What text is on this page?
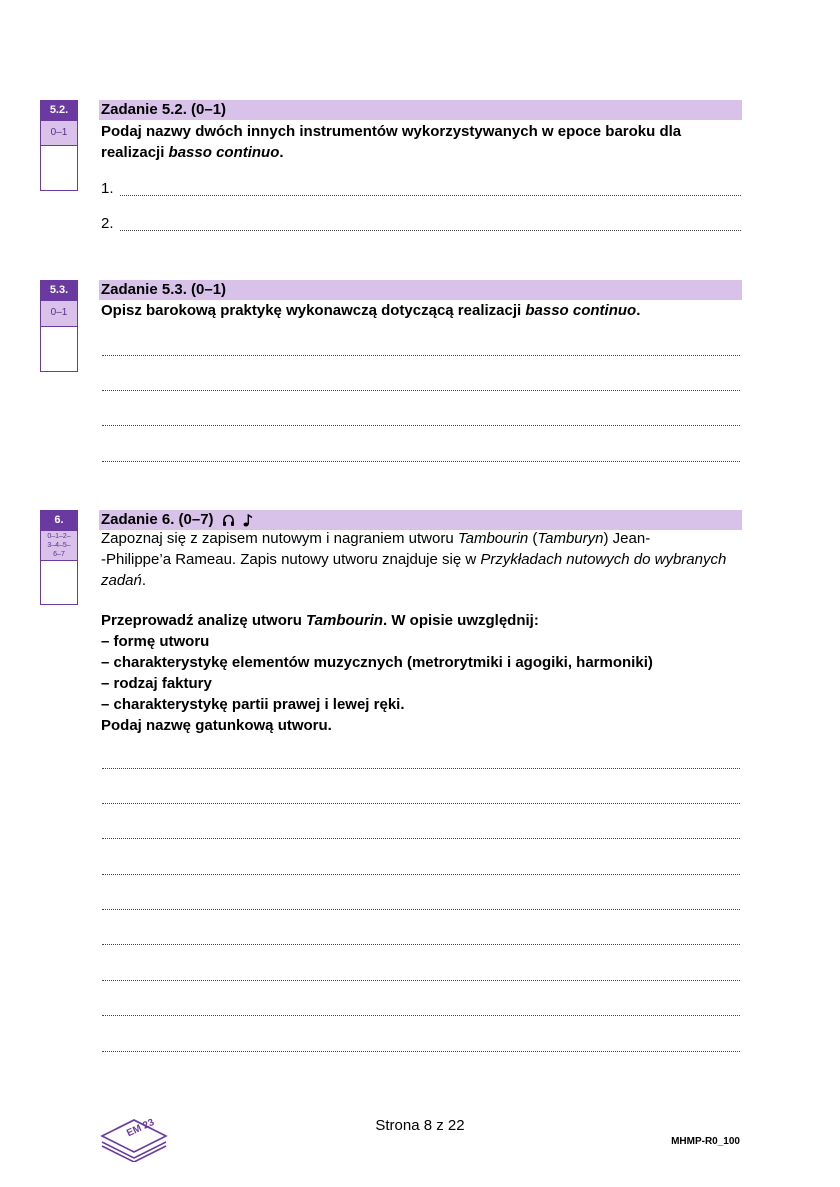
5.2.
0–1
Zadanie 5.2. (0–1)
Podaj nazwy dwóch innych instrumentów wykorzystywanych w epoce baroku dla realizacji basso continuo.
1.
2.
5.3.
0–1
Zadanie 5.3. (0–1)
Opisz barokową praktykę wykonawczą dotyczącą realizacji basso continuo.
6.
0–1–2–
3–4–5–
6–7
Zadanie 6. (0–7)
Zapoznaj się z zapisem nutowym i nagraniem utworu Tambourin (Tamburyn) Jean-
-Philippe’a Rameau. Zapis nutowy utworu znajduje się w Przykładach nutowych do wybranych zadań.
Przeprowadź analizę utworu Tambourin. W opisie uwzględnij:
– formę utworu
– charakterystykę elementów muzycznych (metrorytmiki i agogiki, harmoniki)
– rodzaj faktury
– charakterystykę partii prawej i lewej ręki.
Podaj nazwę gatunkową utworu.
EM 23	Strona 8 z 22
MHMP-R0_100
